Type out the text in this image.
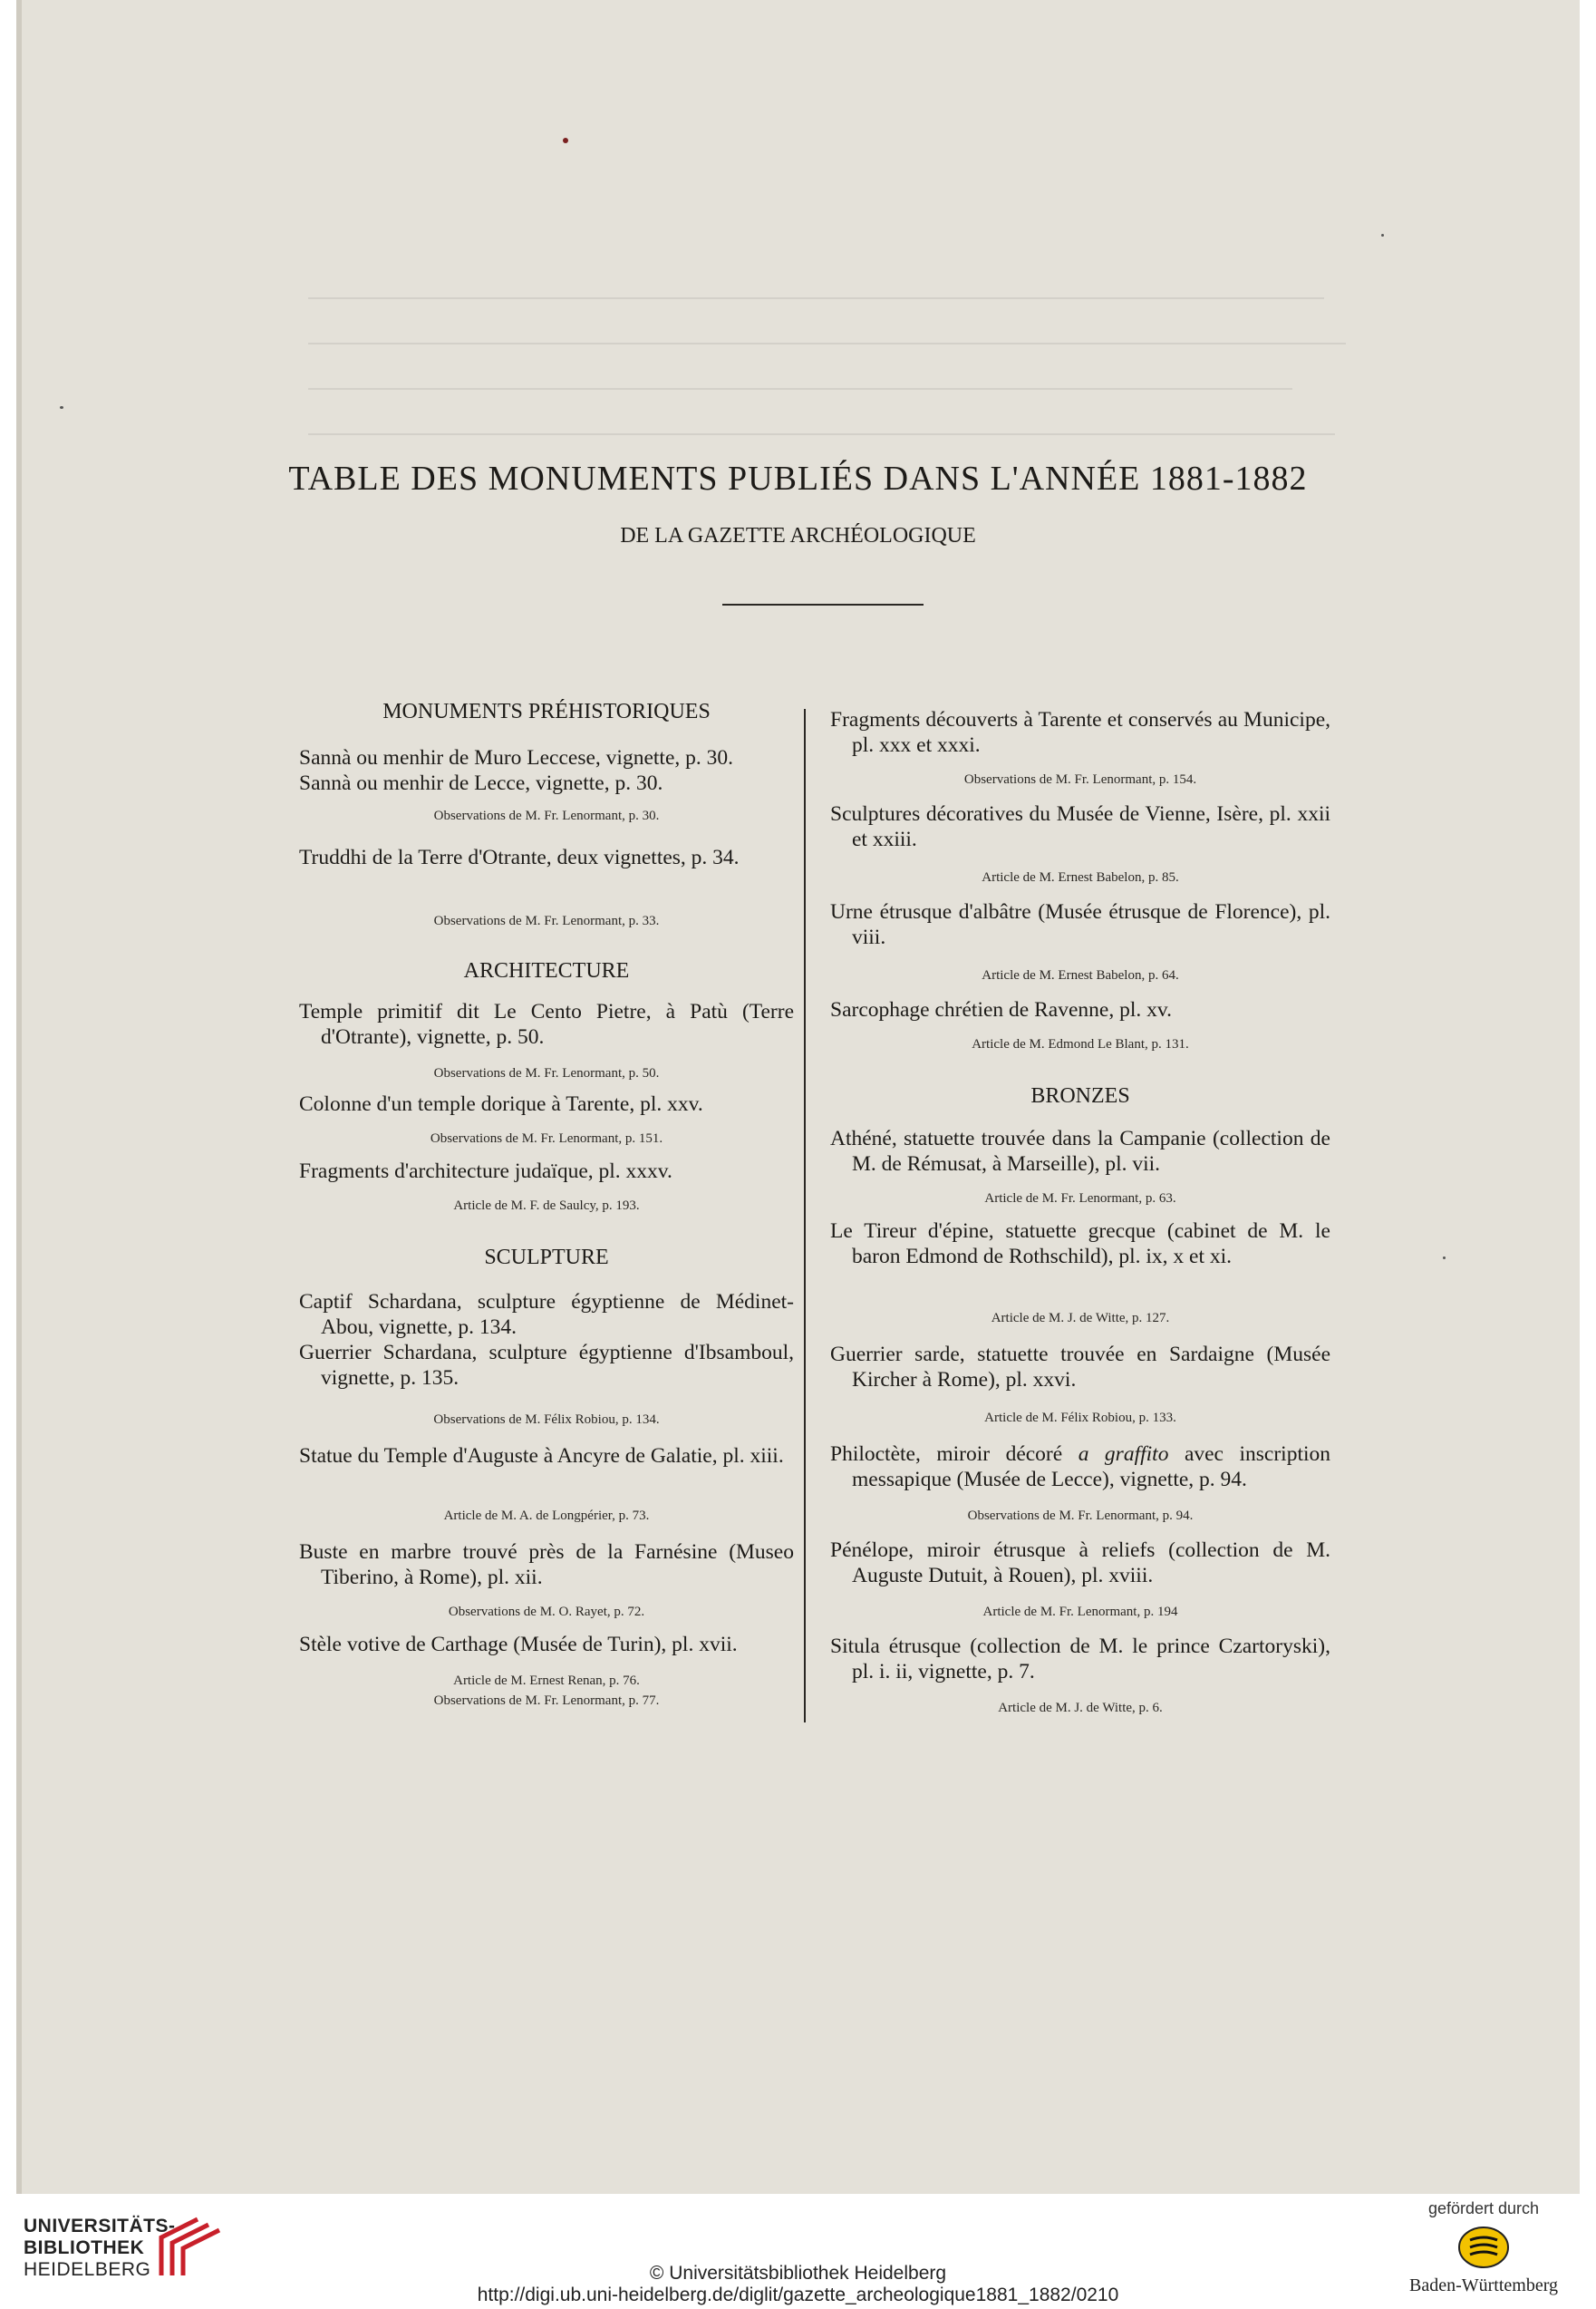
TABLE DES MONUMENTS PUBLIÉS DANS L'ANNÉE 1881-1882
DE LA GAZETTE ARCHÉOLOGIQUE
MONUMENTS PRÉHISTORIQUES
Sannà ou menhir de Muro Leccese, vignette, p. 30.
Sannà ou menhir de Lecce, vignette, p. 30.
Observations de M. Fr. Lenormant, p. 30.
Truddhi de la Terre d'Otrante, deux vignettes, p. 34.
Observations de M. Fr. Lenormant, p. 33.
ARCHITECTURE
Temple primitif dit Le Cento Pietre, à Patù (Terre d'Otrante), vignette, p. 50.
Observations de M. Fr. Lenormant, p. 50.
Colonne d'un temple dorique à Tarente, pl. xxv.
Observations de M. Fr. Lenormant, p. 151.
Fragments d'architecture judaïque, pl. xxxv.
Article de M. F. de Saulcy, p. 193.
SCULPTURE
Captif Schardana, sculpture égyptienne de Médinet-Abou, vignette, p. 134.
Guerrier Schardana, sculpture égyptienne d'Ibsamboul, vignette, p. 135.
Observations de M. Félix Robiou, p. 134.
Statue du Temple d'Auguste à Ancyre de Galatie, pl. xiii.
Article de M. A. de Longpérier, p. 73.
Buste en marbre trouvé près de la Farnésine (Museo Tiberino, à Rome), pl. xii.
Observations de M. O. Rayet, p. 72.
Stèle votive de Carthage (Musée de Turin), pl. xvii.
Article de M. Ernest Renan, p. 76.
Observations de M. Fr. Lenormant, p. 77.
Fragments découverts à Tarente et conservés au Municipe, pl. xxx et xxxi.
Observations de M. Fr. Lenormant, p. 154.
Sculptures décoratives du Musée de Vienne, Isère, pl. xxii et xxiii.
Article de M. Ernest Babelon, p. 85.
Urne étrusque d'albâtre (Musée étrusque de Florence), pl. viii.
Article de M. Ernest Babelon, p. 64.
Sarcophage chrétien de Ravenne, pl. xv.
Article de M. Edmond Le Blant, p. 131.
BRONZES
Athéné, statuette trouvée dans la Campanie (collection de M. de Rémusat, à Marseille), pl. vii.
Article de M. Fr. Lenormant, p. 63.
Le Tireur d'épine, statuette grecque (cabinet de M. le baron Edmond de Rothschild), pl. ix, x et xi.
Article de M. J. de Witte, p. 127.
Guerrier sarde, statuette trouvée en Sardaigne (Musée Kircher à Rome), pl. xxvi.
Article de M. Félix Robiou, p. 133.
Philoctète, miroir décoré a graffito avec inscription messapique (Musée de Lecce), vignette, p. 94.
Observations de M. Fr. Lenormant, p. 94.
Pénélope, miroir étrusque à reliefs (collection de M. Auguste Dutuit, à Rouen), pl. xviii.
Article de M. Fr. Lenormant, p. 194
Situla étrusque (collection de M. le prince Czartoryski), pl. i. ii, vignette, p. 7.
Article de M. J. de Witte, p. 6.
UNIVERSITÄTS-
BIBLIOTHEK
HEIDELBERG	© Universitätsbibliothek Heidelberg
http://digi.ub.uni-heidelberg.de/diglit/gazette_archeologique1881_1882/0210
gefördert durch
Baden-Württemberg
